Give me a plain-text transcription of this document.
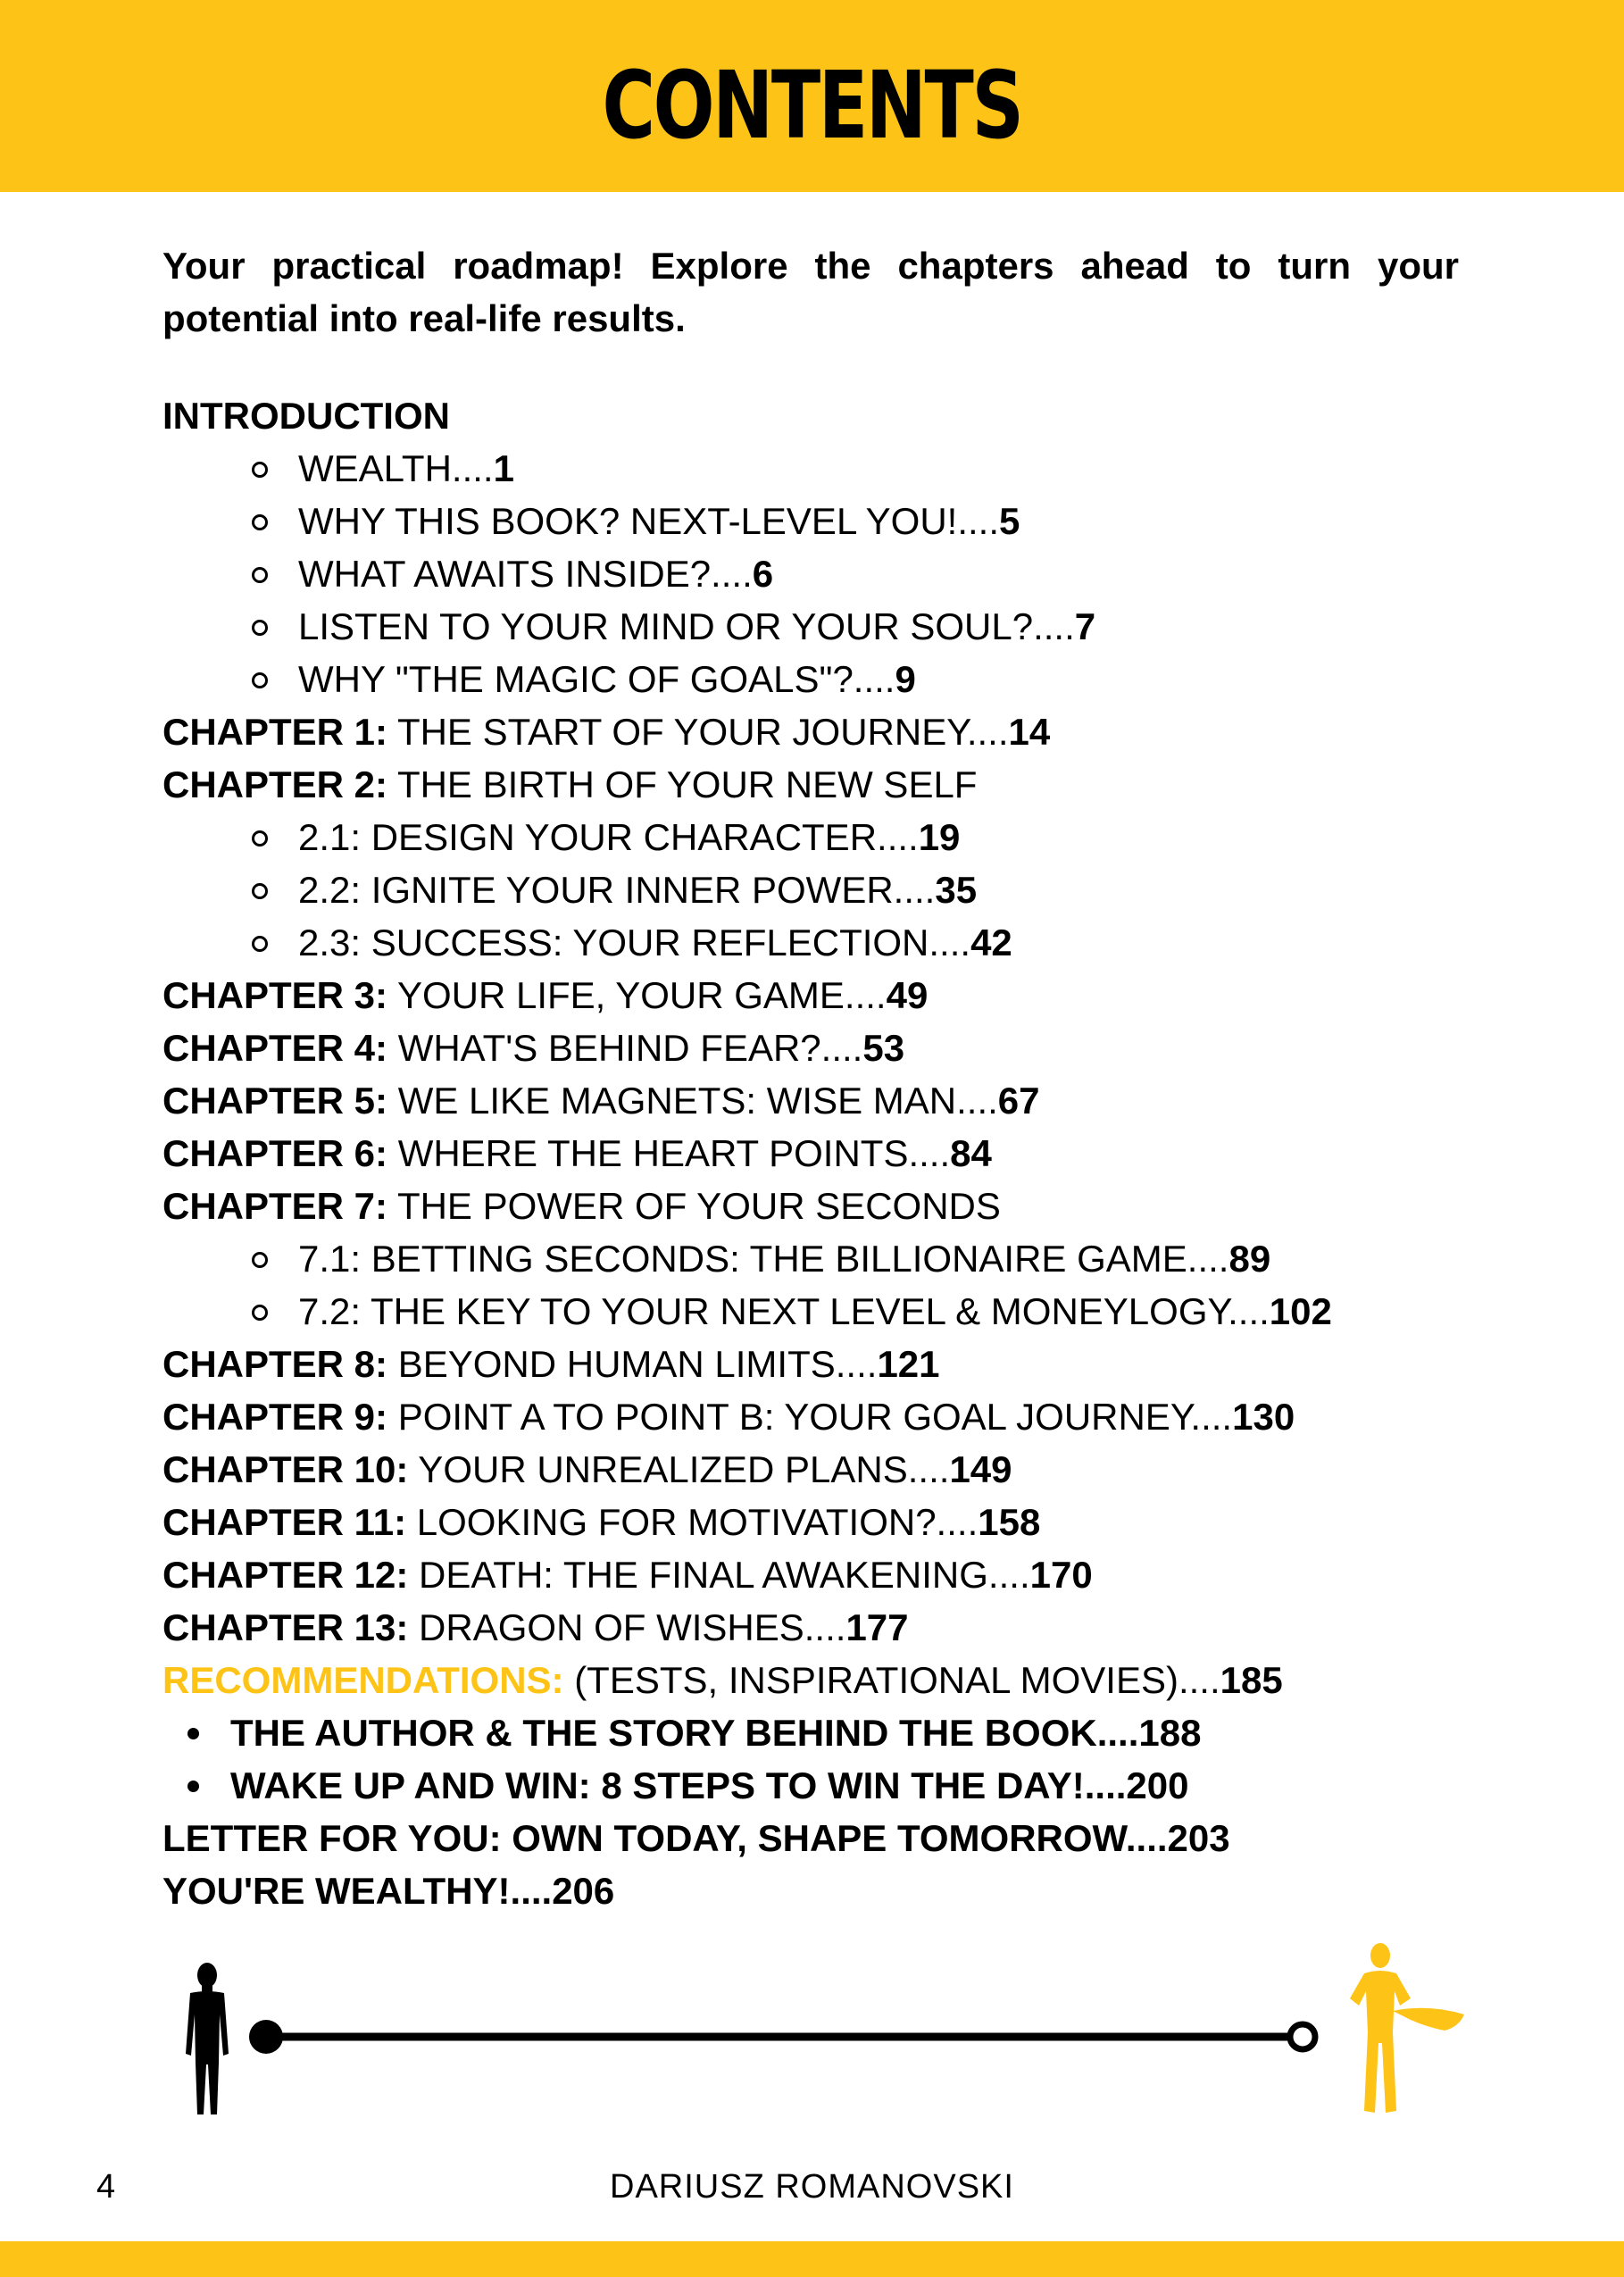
CONTENTS
Your practical roadmap! Explore the chapters ahead to turn your potential into real-life results.
INTRODUCTION
WEALTH....1
WHY THIS BOOK? NEXT-LEVEL YOU!....5
WHAT AWAITS INSIDE?....6
LISTEN TO YOUR MIND OR YOUR SOUL?....7
WHY "THE MAGIC OF GOALS"?....9
CHAPTER 1: THE START OF YOUR JOURNEY....14
CHAPTER 2: THE BIRTH OF YOUR NEW SELF
2.1: DESIGN YOUR CHARACTER....19
2.2: IGNITE YOUR INNER POWER....35
2.3: SUCCESS: YOUR REFLECTION....42
CHAPTER 3: YOUR LIFE, YOUR GAME....49
CHAPTER 4: WHAT'S BEHIND FEAR?....53
CHAPTER 5: WE LIKE MAGNETS: WISE MAN....67
CHAPTER 6: WHERE THE HEART POINTS....84
CHAPTER 7: THE POWER OF YOUR SECONDS
7.1: BETTING SECONDS: THE BILLIONAIRE GAME....89
7.2: THE KEY TO YOUR NEXT LEVEL & MONEYLOGY....102
CHAPTER 8: BEYOND HUMAN LIMITS....121
CHAPTER 9: POINT A TO POINT B: YOUR GOAL JOURNEY....130
CHAPTER 10: YOUR UNREALIZED PLANS....149
CHAPTER 11: LOOKING FOR MOTIVATION?....158
CHAPTER 12: DEATH: THE FINAL AWAKENING....170
CHAPTER 13: DRAGON OF WISHES....177
RECOMMENDATIONS: (TESTS, INSPIRATIONAL MOVIES)....185
THE AUTHOR & THE STORY BEHIND THE BOOK....188
WAKE UP AND WIN: 8 STEPS TO WIN THE DAY!....200
LETTER FOR YOU: OWN TODAY, SHAPE TOMORROW....203
YOU'RE WEALTHY!....206
4	DARIUSZ ROMANOVSKI
